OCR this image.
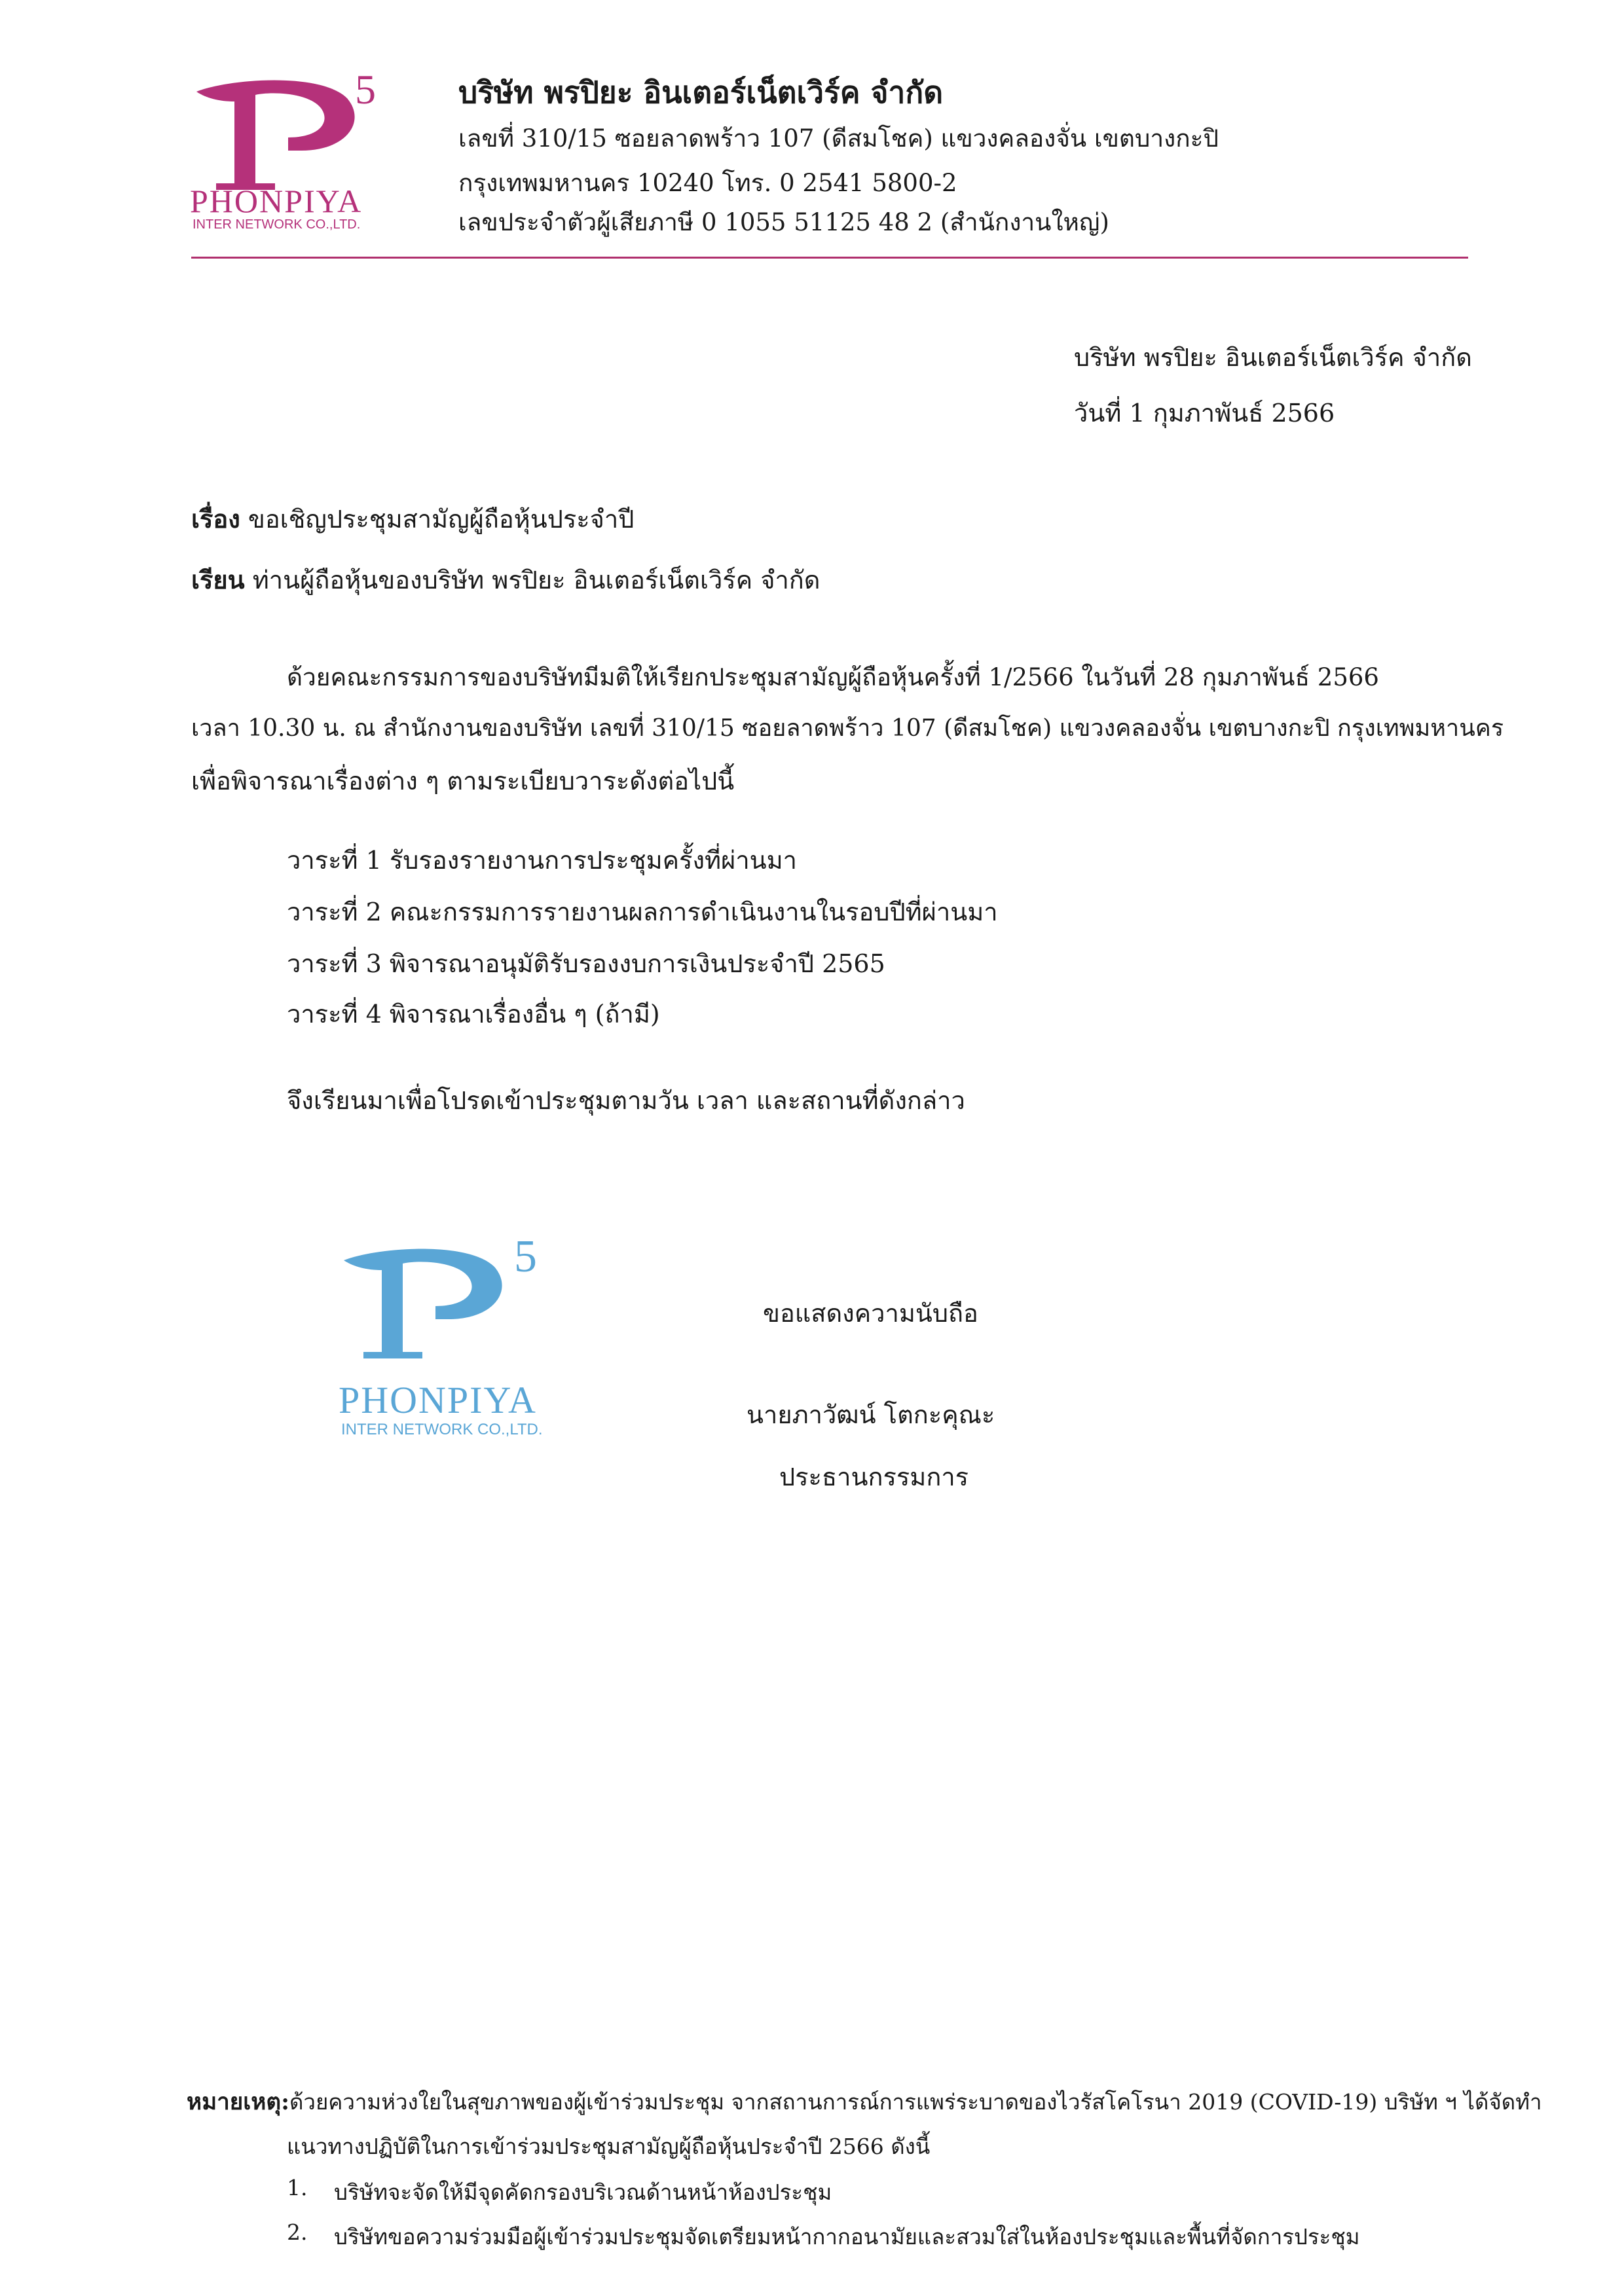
5
PHONPIYA
INTER NETWORK CO.,LTD.
บริษัท พรปิยะ อินเตอร์เน็ตเวิร์ค จำกัด
เลขที่ 310/15 ซอยลาดพร้าว 107 (ดีสมโชค) แขวงคลองจั่น เขตบางกะปิ
กรุงเทพมหานคร 10240 โทร. 0 2541 5800-2
เลขประจำตัวผู้เสียภาษี 0 1055 51125 48 2 (สำนักงานใหญ่)
บริษัท พรปิยะ อินเตอร์เน็ตเวิร์ค จำกัด
วันที่ 1 กุมภาพันธ์ 2566
เรื่อง ขอเชิญประชุมสามัญผู้ถือหุ้นประจำปี
เรียน ท่านผู้ถือหุ้นของบริษัท พรปิยะ อินเตอร์เน็ตเวิร์ค จำกัด
ด้วยคณะกรรมการของบริษัทมีมติให้เรียกประชุมสามัญผู้ถือหุ้นครั้งที่ 1/2566 ในวันที่ 28 กุมภาพันธ์ 2566
เวลา 10.30 น. ณ สำนักงานของบริษัท เลขที่ 310/15 ซอยลาดพร้าว 107 (ดีสมโชค) แขวงคลองจั่น เขตบางกะปิ กรุงเทพมหานคร
เพื่อพิจารณาเรื่องต่าง ๆ ตามระเบียบวาระดังต่อไปนี้
วาระที่ 1 รับรองรายงานการประชุมครั้งที่ผ่านมา
วาระที่ 2 คณะกรรมการรายงานผลการดำเนินงานในรอบปีที่ผ่านมา
วาระที่ 3 พิจารณาอนุมัติรับรองงบการเงินประจำปี 2565
วาระที่ 4 พิจารณาเรื่องอื่น ๆ (ถ้ามี)
จึงเรียนมาเพื่อโปรดเข้าประชุมตามวัน เวลา และสถานที่ดังกล่าว
5
PHONPIYA
INTER NETWORK CO.,LTD.
ขอแสดงความนับถือ
นายภาวัฒน์ โตกะคุณะ
ประธานกรรมการ
หมายเหตุ:ด้วยความห่วงใยในสุขภาพของผู้เข้าร่วมประชุม จากสถานการณ์การแพร่ระบาดของไวรัสโคโรนา 2019 (COVID-19) บริษัท ฯ ได้จัดทำ
แนวทางปฏิบัติในการเข้าร่วมประชุมสามัญผู้ถือหุ้นประจำปี 2566 ดังนี้
1. บริษัทจะจัดให้มีจุดคัดกรองบริเวณด้านหน้าห้องประชุม
2. บริษัทขอความร่วมมือผู้เข้าร่วมประชุมจัดเตรียมหน้ากากอนามัยและสวมใส่ในห้องประชุมและพื้นที่จัดการประชุม
